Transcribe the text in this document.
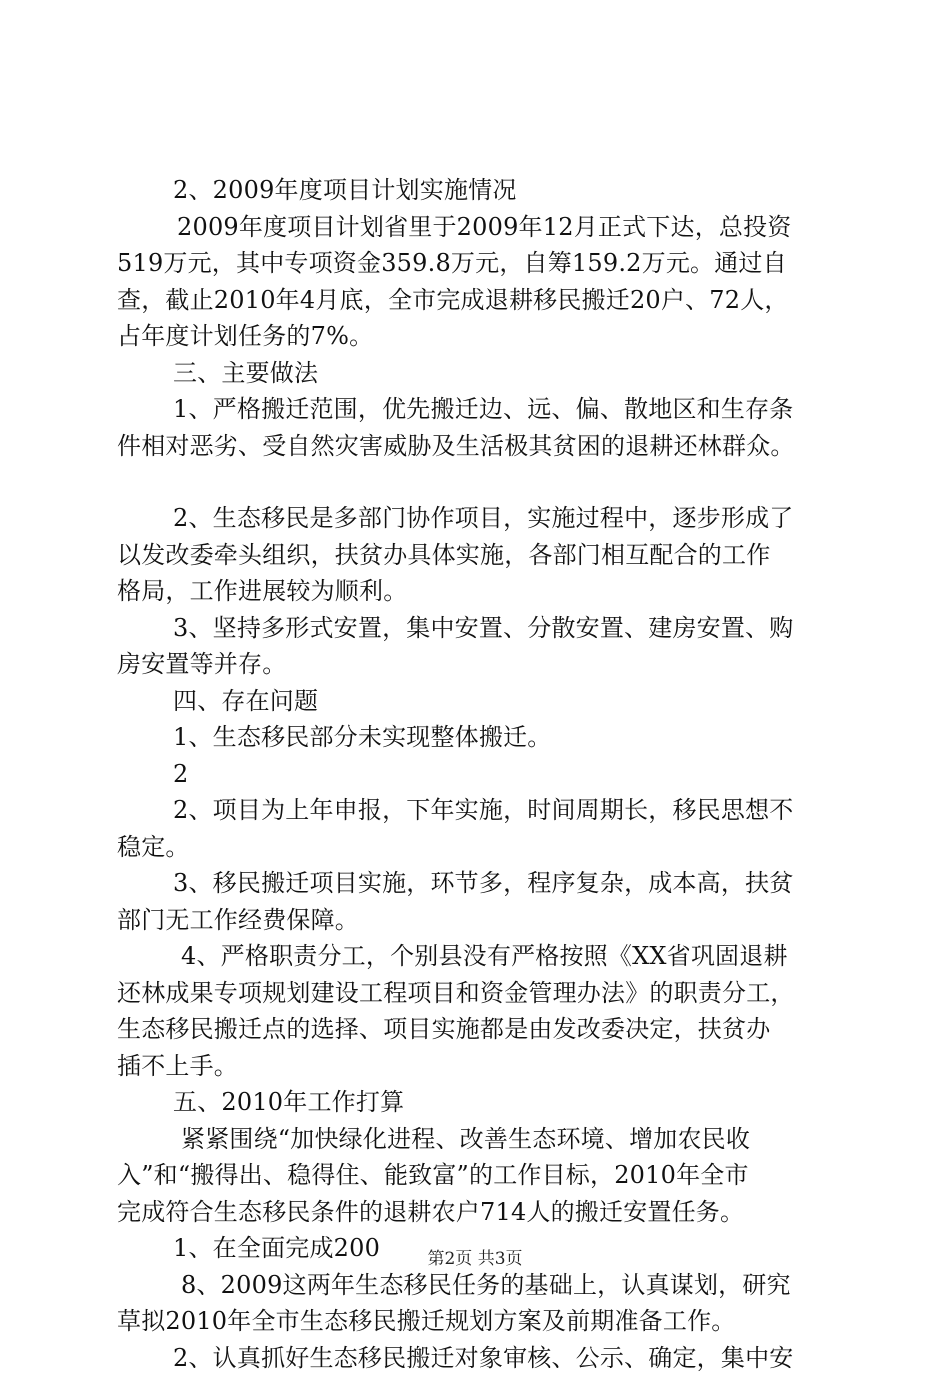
2、2009年度项目计划实施情况
2009年度项目计划省里于2009年12月正式下达，总投资
519万元，其中专项资金359.8万元，自筹159.2万元。通过自
查，截止2010年4月底，全市完成退耕移民搬迁20户、72人，
占年度计划任务的7%。
三、主要做法
1、严格搬迁范围，优先搬迁边、远、偏、散地区和生存条
件相对恶劣、受自然灾害威胁及生活极其贫困的退耕还林群众。
2、生态移民是多部门协作项目，实施过程中，逐步形成了
以发改委牵头组织，扶贫办具体实施，各部门相互配合的工作
格局，工作进展较为顺利。
3、坚持多形式安置，集中安置、分散安置、建房安置、购
房安置等并存。
四、存在问题
1、生态移民部分未实现整体搬迁。
2
2、项目为上年申报，下年实施，时间周期长，移民思想不
稳定。
3、移民搬迁项目实施，环节多，程序复杂，成本高，扶贫
部门无工作经费保障。
4、严格职责分工，个别县没有严格按照《XX省巩固退耕
还林成果专项规划建设工程项目和资金管理办法》的职责分工，
生态移民搬迁点的选择、项目实施都是由发改委决定，扶贫办
插不上手。
五、2010年工作打算
紧紧围绕“加快绿化进程、改善生态环境、增加农民收
入”和“搬得出、稳得住、能致富”的工作目标，2010年全市
完成符合生态移民条件的退耕农户714人的搬迁安置任务。
1、在全面完成200
8、2009这两年生态移民任务的基础上，认真谋划，研究
草拟2010年全市生态移民搬迁规划方案及前期准备工作。
2、认真抓好生态移民搬迁对象审核、公示、确定，集中安
第2页 共3页
